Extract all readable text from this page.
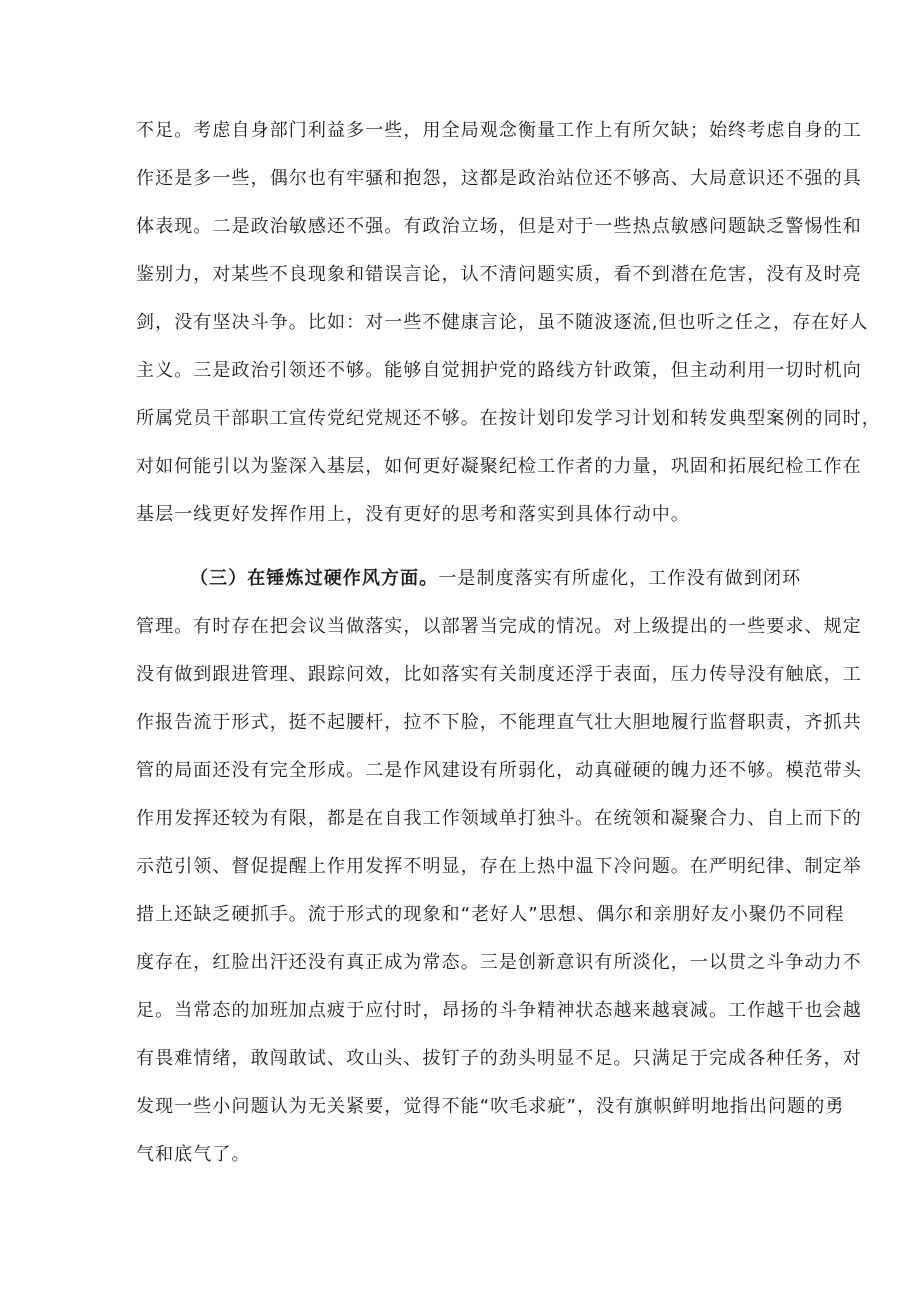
不足。考虑自身部门利益多一些，用全局观念衡量工作上有所欠缺；始终考虑自身的工
作还是多一些，偶尔也有牢骚和抱怨，这都是政治站位还不够高、大局意识还不强的具
体表现。二是政治敏感还不强。有政治立场，但是对于一些热点敏感问题缺乏警惕性和
鉴别力，对某些不良现象和错误言论，认不清问题实质，看不到潜在危害，没有及时亮
剑，没有坚决斗争。比如：对一些不健康言论，虽不随波逐流,但也听之任之，存在好人
主义。三是政治引领还不够。能够自觉拥护党的路线方针政策，但主动利用一切时机向
所属党员干部职工宣传党纪党规还不够。在按计划印发学习计划和转发典型案例的同时，
对如何能引以为鉴深入基层，如何更好凝聚纪检工作者的力量，巩固和拓展纪检工作在
基层一线更好发挥作用上，没有更好的思考和落实到具体行动中。
（三）在锤炼过硬作风方面。一是制度落实有所虚化，工作没有做到闭环
管理。有时存在把会议当做落实，以部署当完成的情况。对上级提出的一些要求、规定
没有做到跟进管理、跟踪问效，比如落实有关制度还浮于表面，压力传导没有触底，工
作报告流于形式，挺不起腰杆，拉不下脸，不能理直气壮大胆地履行监督职责，齐抓共
管的局面还没有完全形成。二是作风建设有所弱化，动真碰硬的魄力还不够。模范带头
作用发挥还较为有限，都是在自我工作领域单打独斗。在统领和凝聚合力、自上而下的
示范引领、督促提醒上作用发挥不明显，存在上热中温下冷问题。在严明纪律、制定举
措上还缺乏硬抓手。流于形式的现象和“老好人”思想、偶尔和亲朋好友小聚仍不同程
度存在，红脸出汗还没有真正成为常态。三是创新意识有所淡化，一以贯之斗争动力不
足。当常态的加班加点疲于应付时，昂扬的斗争精神状态越来越衰减。工作越干也会越
有畏难情绪，敢闯敢试、攻山头、拔钉子的劲头明显不足。只满足于完成各种任务，对
发现一些小问题认为无关紧要，觉得不能“吹毛求疵”，没有旗帜鲜明地指出问题的勇
气和底气了。
